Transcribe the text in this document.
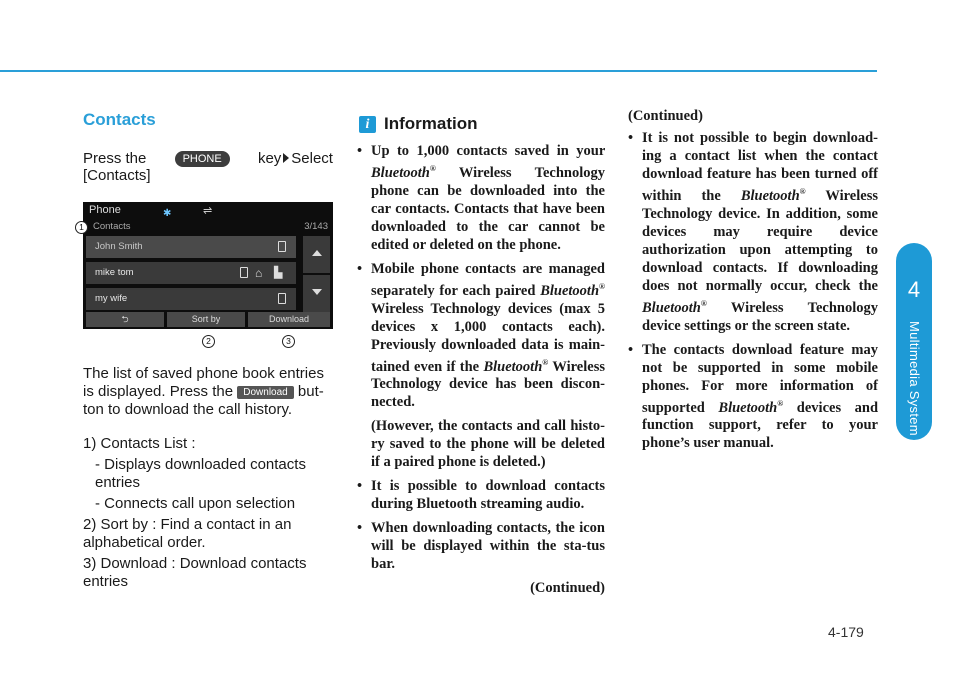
Contacts
Press the	PHONE	key Select

[Contacts]

Phone	✱	⇌
Contacts	3/143
John Smith
mike tom	⌂ ▙
my wife
⮌	Sort by	Download
1
2	3

The list of saved phone book entries is displayed. Press the Download but-ton to download the call history.

1) Contacts List :
- Displays downloaded contacts entries
- Connects call upon selection
2) Sort by : Find a contact in an alphabetical order.
3) Download : Download contacts entries
i Information
• Up to 1,000 contacts saved in your Bluetooth® Wireless Technology phone can be downloaded into the car contacts. Contacts that have been downloaded to the car cannot be edited or deleted on the phone.
• Mobile phone contacts are managed separately for each paired Bluetooth® Wireless Technology devices (max 5 devices x 1,000 contacts each). Previously downloaded data is main-tained even if the Bluetooth® Wireless Technology device has been discon-nected.
(However, the contacts and call histo-ry saved to the phone will be deleted if a paired phone is deleted.)
• It is possible to download contacts during Bluetooth streaming audio.
• When downloading contacts, the icon will be displayed within the sta-tus bar.
(Continued)
(Continued)
• It is not possible to begin download-ing a contact list when the contact download feature has been turned off within the Bluetooth® Wireless Technology device. In addition, some devices may require device authorization upon attempting to download contacts. If downloading does not normally occur, check the Bluetooth® Wireless Technology device settings or the screen state.
• The contacts download feature may not be supported in some mobile phones. For more information of supported Bluetooth® devices and function support, refer to your phone’s user manual.
4
Multimedia System
4-179
